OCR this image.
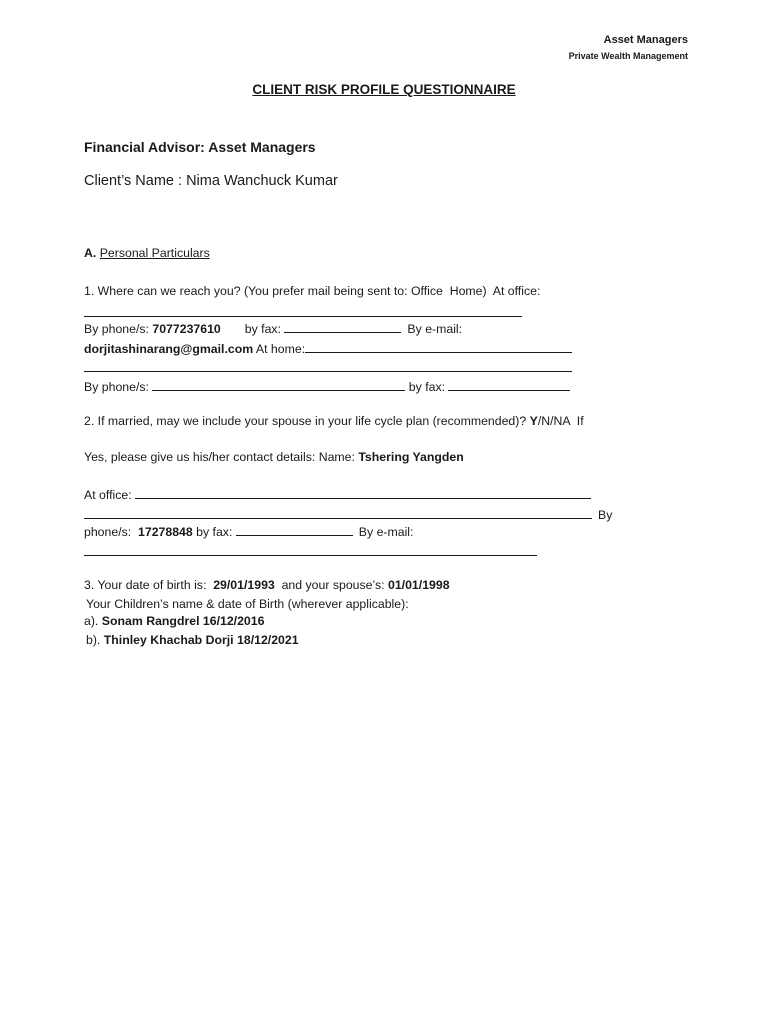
Asset Managers
Private Wealth Management
CLIENT RISK PROFILE QUESTIONNAIRE
Financial Advisor: Asset Managers
Client’s Name : Nima Wanchuck Kumar
A. Personal Particulars
1. Where can we reach you? (You prefer mail being sent to: Office  Home)  At office:
By phone/s: 7077237610 by fax:	By e-mail:
dorjitashinarang@gmail.com At home:
By phone/s:	by fax:
2. If married, may we include your spouse in your life cycle plan (recommended)? Y/N/NA  If
Yes, please give us his/her contact details: Name: Tshering Yangden
At office:
By
phone/s:  17278848 by fax:	By e-mail:
3. Your date of birth is:  29/01/1993  and your spouse’s: 01/01/1998
Your Children’s name & date of Birth (wherever applicable):
a). Sonam Rangdrel 16/12/2016
b). Thinley Khachab Dorji 18/12/2021
